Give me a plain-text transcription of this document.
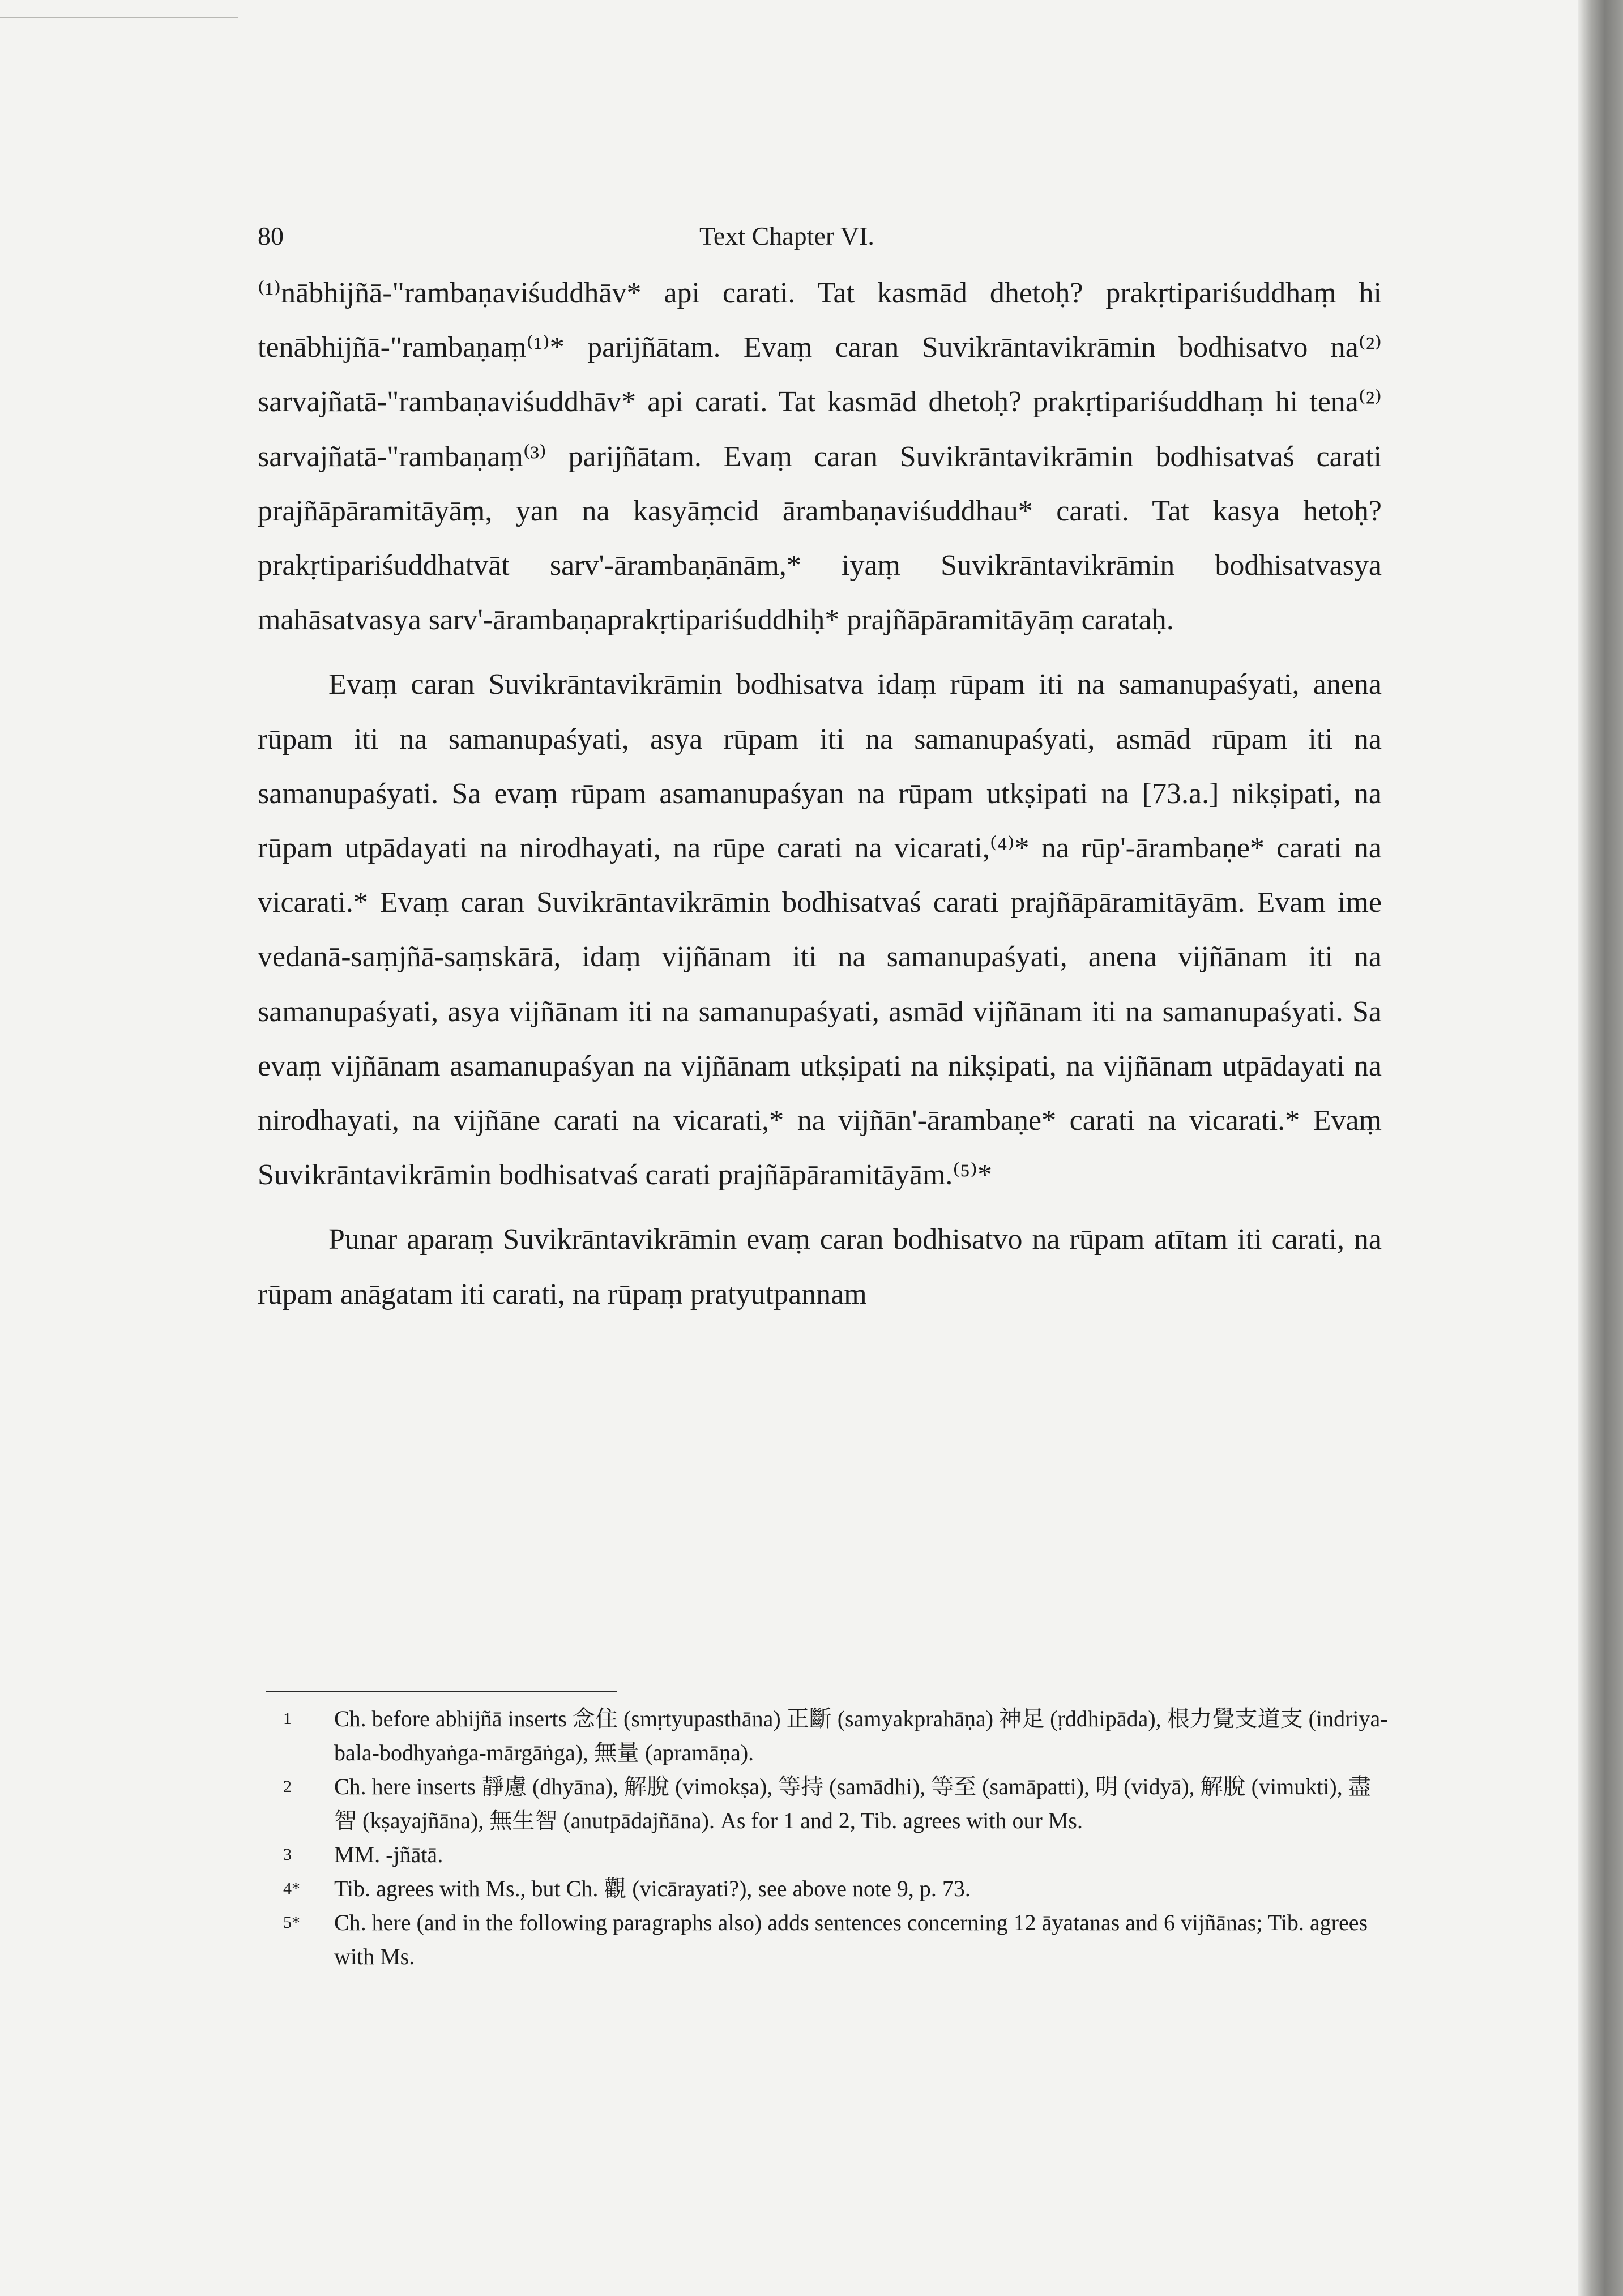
80	Text Chapter VI.

⁽¹⁾nābhijñā-"rambaṇaviśuddhāv* api carati. Tat kasmād dhetoḥ? prakṛtipariśuddhaṃ hi tenābhijñā-"rambaṇaṃ⁽¹⁾* parijñātam. Evaṃ caran Suvikrāntavikrāmin bodhisatvo na⁽²⁾ sarvajñatā-"rambaṇaviśuddhāv* api carati. Tat kasmād dhetoḥ? prakṛtipariśuddhaṃ hi tena⁽²⁾ sarvajñatā-"rambaṇaṃ⁽³⁾ parijñātam. Evaṃ caran Suvikrāntavikrāmin bodhisatvaś carati prajñāpāramitāyāṃ, yan na kasyāṃcid ārambaṇaviśuddhau* carati. Tat kasya hetoḥ? prakṛtipariśuddhatvāt sarv'-ārambaṇānām,* iyaṃ Suvikrāntavikrāmin bodhisatvasya mahāsatvasya sarv'-ārambaṇaprakṛtipariśuddhiḥ* prajñāpāramitāyāṃ carataḥ.

Evaṃ caran Suvikrāntavikrāmin bodhisatva idaṃ rūpam iti na samanupaśyati, anena rūpam iti na samanupaśyati, asya rūpam iti na samanupaśyati, asmād rūpam iti na samanupaśyati. Sa evaṃ rūpam asamanupaśyan na rūpam utkṣipati na [73.a.] nikṣipati, na rūpam utpādayati na nirodhayati, na rūpe carati na vicarati,⁽⁴⁾* na rūp'-ārambaṇe* carati na vicarati.* Evaṃ caran Suvikrāntavikrāmin bodhisatvaś carati prajñāpāramitāyām. Evam ime vedanā-saṃjñā-saṃskārā, idaṃ vijñānam iti na samanupaśyati, anena vijñānam iti na samanupaśyati, asya vijñānam iti na samanupaśyati, asmād vijñānam iti na samanupaśyati. Sa evaṃ vijñānam asamanupaśyan na vijñānam utkṣipati na nikṣipati, na vijñānam utpādayati na nirodhayati, na vijñāne carati na vicarati,* na vijñān'-ārambaṇe* carati na vicarati.* Evaṃ Suvikrāntavikrāmin bodhisatvaś carati prajñāpāramitāyām.⁽⁵⁾*

Punar aparaṃ Suvikrāntavikrāmin evaṃ caran bodhisatvo na rūpam atītam iti carati, na rūpam anāgatam iti carati, na rūpaṃ pratyutpannam

1 Ch. before abhijñā inserts 念住 (smṛtyupasthāna) 正斷 (samyakprahāṇa) 神足 (ṛddhipāda), 根力覺支道支 (indriya-bala-bodhyaṅga-mārgāṅga), 無量 (apramāṇa).

2 Ch. here inserts 靜慮 (dhyāna), 解脫 (vimokṣa), 等持 (samādhi), 等至 (samāpatti), 明 (vidyā), 解脫 (vimukti), 盡智 (kṣayajñāna), 無生智 (anutpādajñāna). As for 1 and 2, Tib. agrees with our Ms.

3 MM. -jñātā.

4* Tib. agrees with Ms., but Ch. 觀 (vicārayati?), see above note 9, p. 73.

5* Ch. here (and in the following paragraphs also) adds sentences concerning 12 āyatanas and 6 vijñānas; Tib. agrees with Ms.
